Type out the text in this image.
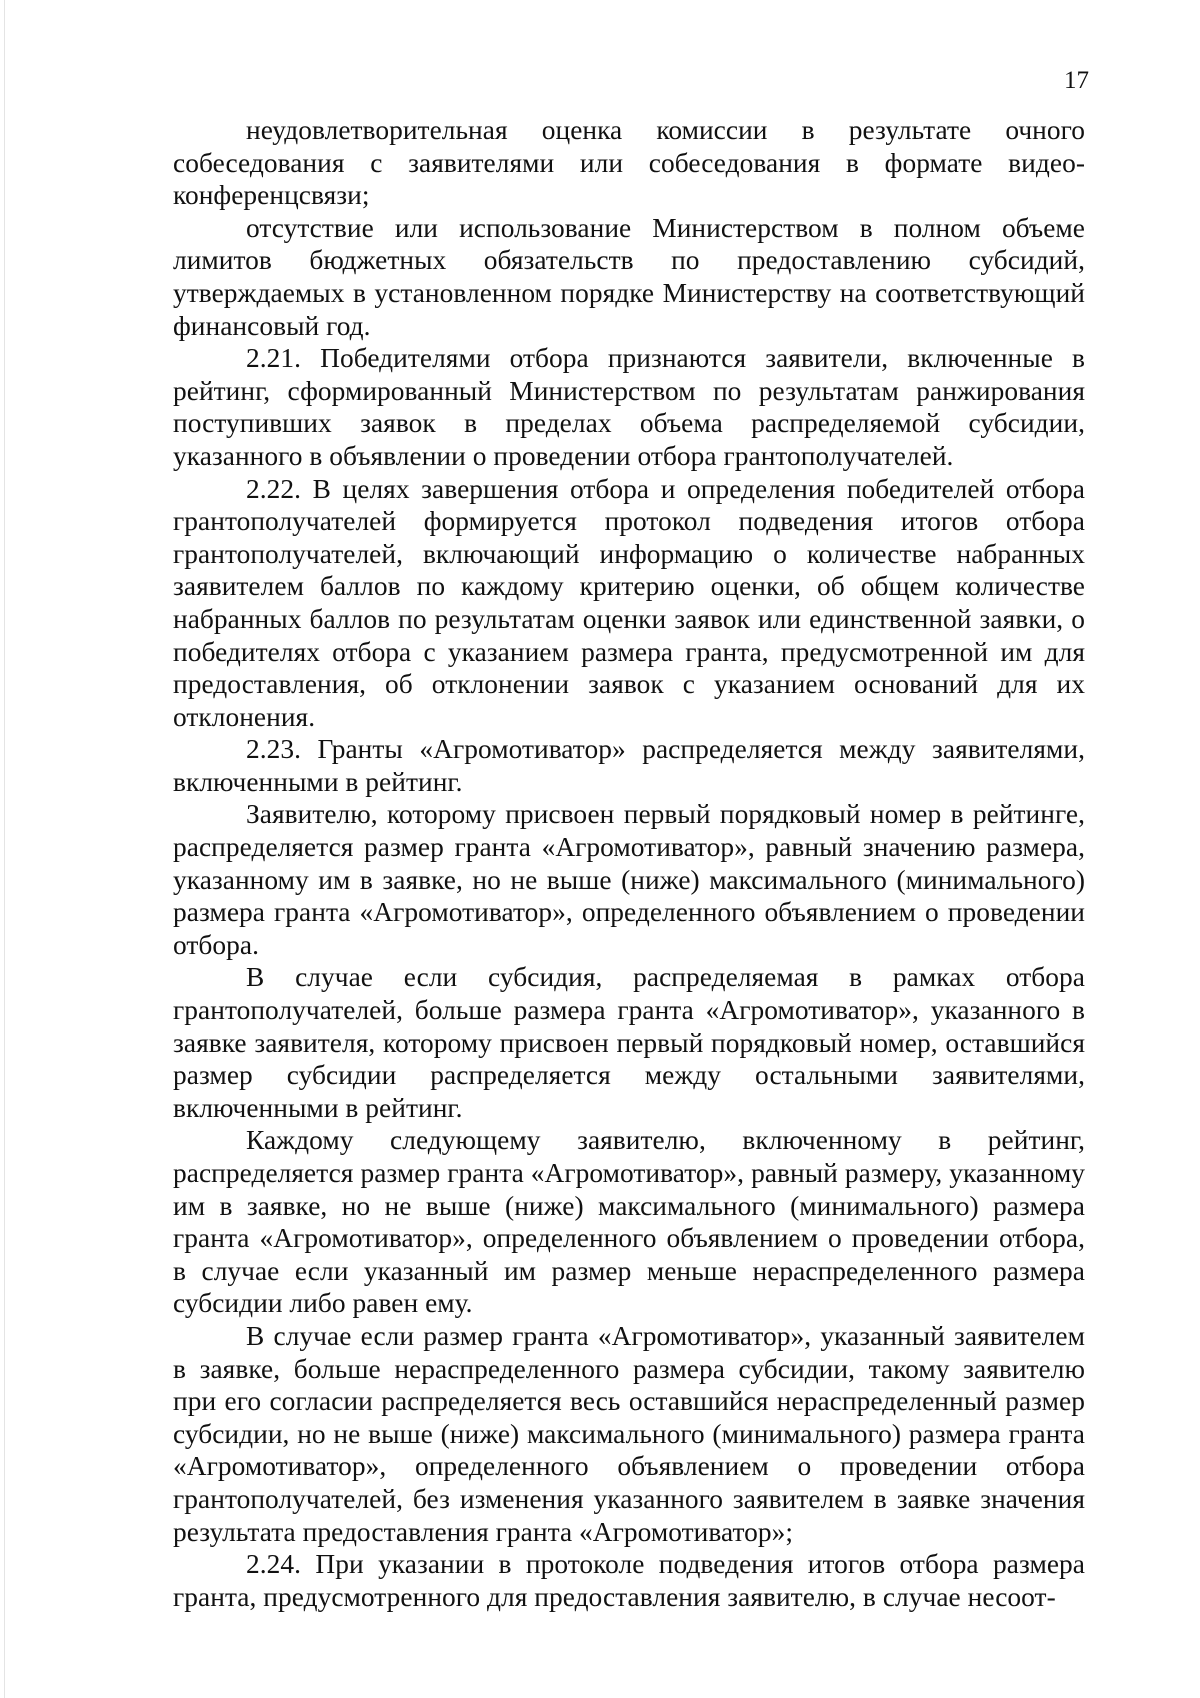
17

неудовлетворительная оценка комиссии в результате очного собеседования с заявителями или собеседования в формате видео-конференцсвязи;

отсутствие или использование Министерством в полном объеме лимитов бюджетных обязательств по предоставлению субсидий, утверждаемых в установленном порядке Министерству на соответствующий финансовый год.

2.21. Победителями отбора признаются заявители, включенные в рейтинг, сформированный Министерством по результатам ранжирования поступивших заявок в пределах объема распределяемой субсидии, указанного в объявлении о проведении отбора грантополучателей.

2.22. В целях завершения отбора и определения победителей отбора грантополучателей формируется протокол подведения итогов отбора грантополучателей, включающий информацию о количестве набранных заявителем баллов по каждому критерию оценки, об общем количестве набранных баллов по результатам оценки заявок или единственной заявки, о победителях отбора с указанием размера гранта, предусмотренной им для предоставления, об отклонении заявок с указанием оснований для их отклонения.

2.23. Гранты «Агромотиватор» распределяется между заявителями, включенными в рейтинг.

Заявителю, которому присвоен первый порядковый номер в рейтинге, распределяется размер гранта «Агромотиватор», равный значению размера, указанному им в заявке, но не выше (ниже) максимального (минимального) размера гранта «Агромотиватор», определенного объявлением о проведении отбора.

В случае если субсидия, распределяемая в рамках отбора грантополучателей, больше размера гранта «Агромотиватор», указанного в заявке заявителя, которому присвоен первый порядковый номер, оставшийся размер субсидии распределяется между остальными заявителями, включенными в рейтинг.

Каждому следующему заявителю, включенному в рейтинг, распределяется размер гранта «Агромотиватор», равный размеру, указанному им в заявке, но не выше (ниже) максимального (минимального) размера гранта «Агромотиватор», определенного объявлением о проведении отбора, в случае если указанный им размер меньше нераспределенного размера субсидии либо равен ему.

В случае если размер гранта «Агромотиватор», указанный заявителем в заявке, больше нераспределенного размера субсидии, такому заявителю при его согласии распределяется весь оставшийся нераспределенный размер субсидии, но не выше (ниже) максимального (минимального) размера гранта «Агромотиватор», определенного объявлением о проведении отбора грантополучателей, без изменения указанного заявителем в заявке значения результата предоставления гранта «Агромотиватор»;

2.24. При указании в протоколе подведения итогов отбора размера гранта, предусмотренного для предоставления заявителю, в случае несоот-
